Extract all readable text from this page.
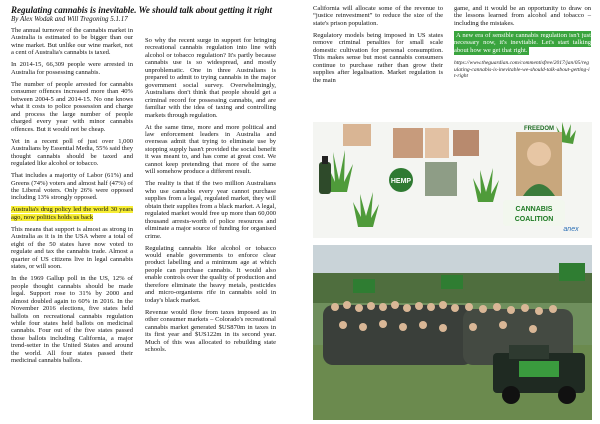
Regulating cannabis is inevitable. We should talk about getting it right
By Alex Wodak and Will Tregoning 5.1.17

The annual turnover of the cannabis market in Australia is estimated to be bigger than our wine market. But unlike our wine market, not a cent of Australia's cannabis is taxed.

In 2014-15, 66,309 people were arrested in Australia for possessing cannabis.

The number of people arrested for cannabis consumer offences increased more than 40% between 2004-5 and 2014-15. No one knows what it costs to police possession and charge and process the large number of people charged every year with minor cannabis offences. But it would not be cheap.

Yet in a recent poll of just over 1,000 Australians by Essential Media, 55% said they thought cannabis should be taxed and regulated like alcohol or tobacco.

That includes a majority of Labor (61%) and Greens (74%) voters and almost half (47%) of the Liberal voters. Only 26% were opposed including 13% strongly opposed.

Australia's drug policy led the world 30 years ago, now politics holds us back

This means that support is almost as strong in Australia as it is in the USA where a total of eight of the 50 states have now voted to regulate and tax the cannabis trade. Almost a quarter of US citizens live in legal cannabis states, or will soon.

In the 1969 Gallup poll in the US, 12% of people thought cannabis should be made legal. Support rose to 31% by 2000 and almost doubled again to 60% in 2016. In the November 2016 elections, five states held ballots on recreational cannabis regulation while four states held ballots on medicinal cannabis. Four out of the five states passed those ballots including California, a major trend-setter in the United States and around the world. All four states passed their medicinal cannabis ballots.

So why the recent surge in support for bringing recreational cannabis regulation into line with alcohol or tobacco regulation? It's partly because cannabis use is so widespread, and mostly unproblematic. One in three Australians is prepared to admit to trying cannabis in the major government social survey. Overwhelmingly, Australians don't think that people should get a criminal record for possessing cannabis, and are familiar with the idea of taxing and controlling markets through regulation.

At the same time, more and more political and law enforcement leaders in Australia and overseas admit that trying to eliminate use by stopping supply hasn't provided the social benefit it was meant to, and has come at great cost. We cannot keep pretending that more of the same will somehow produce a different result.

The reality is that if the two million Australians who use cannabis every year cannot purchase supplies from a legal, regulated market, they will obtain their supplies from a black market. A legal, regulated market would free up more than 60,000 thousand arrests-worth of police resources and eliminate a major source of funding for organised crime.

Regulating cannabis like alcohol or tobacco would enable governments to enforce clear product labelling and a minimum age at which people can purchase cannabis. It would also enable controls over the quality of production and therefore eliminate the heavy metals, pesticides and micro-organisms rife in cannabis sold in today's black market.

Revenue would flow from taxes imposed as in other consumer markets – Colorado's recreational cannabis market generated $US870m in taxes in its first year and $US122m in its second year. Much of this was allocated to rebuilding state schools.

California will allocate some of the revenue to “justice reinvestment” to reduce the size of the state's prison population.

Regulatory models being imposed in US states remove criminal penalties for small scale domestic cultivation for personal consumption. This makes sense but most cannabis consumers continue to purchase rather than grow their supplies after legalisation. Market regulation is the main

game, and it would be an opportunity to draw on the lessons learned from alcohol and tobacco – including the mistakes.

A new era of sensible cannabis regulation isn't just necessary now, it's inevitable. Let's start talking about how we get that right.

https://www.theguardian.com/commentisfree/2017/jan/05/regulating-cannabis-is-inevitable-we-should-talk-about-getting-it-right

HEMP
FREEDOM
CANNABIS
COALITION
anex
